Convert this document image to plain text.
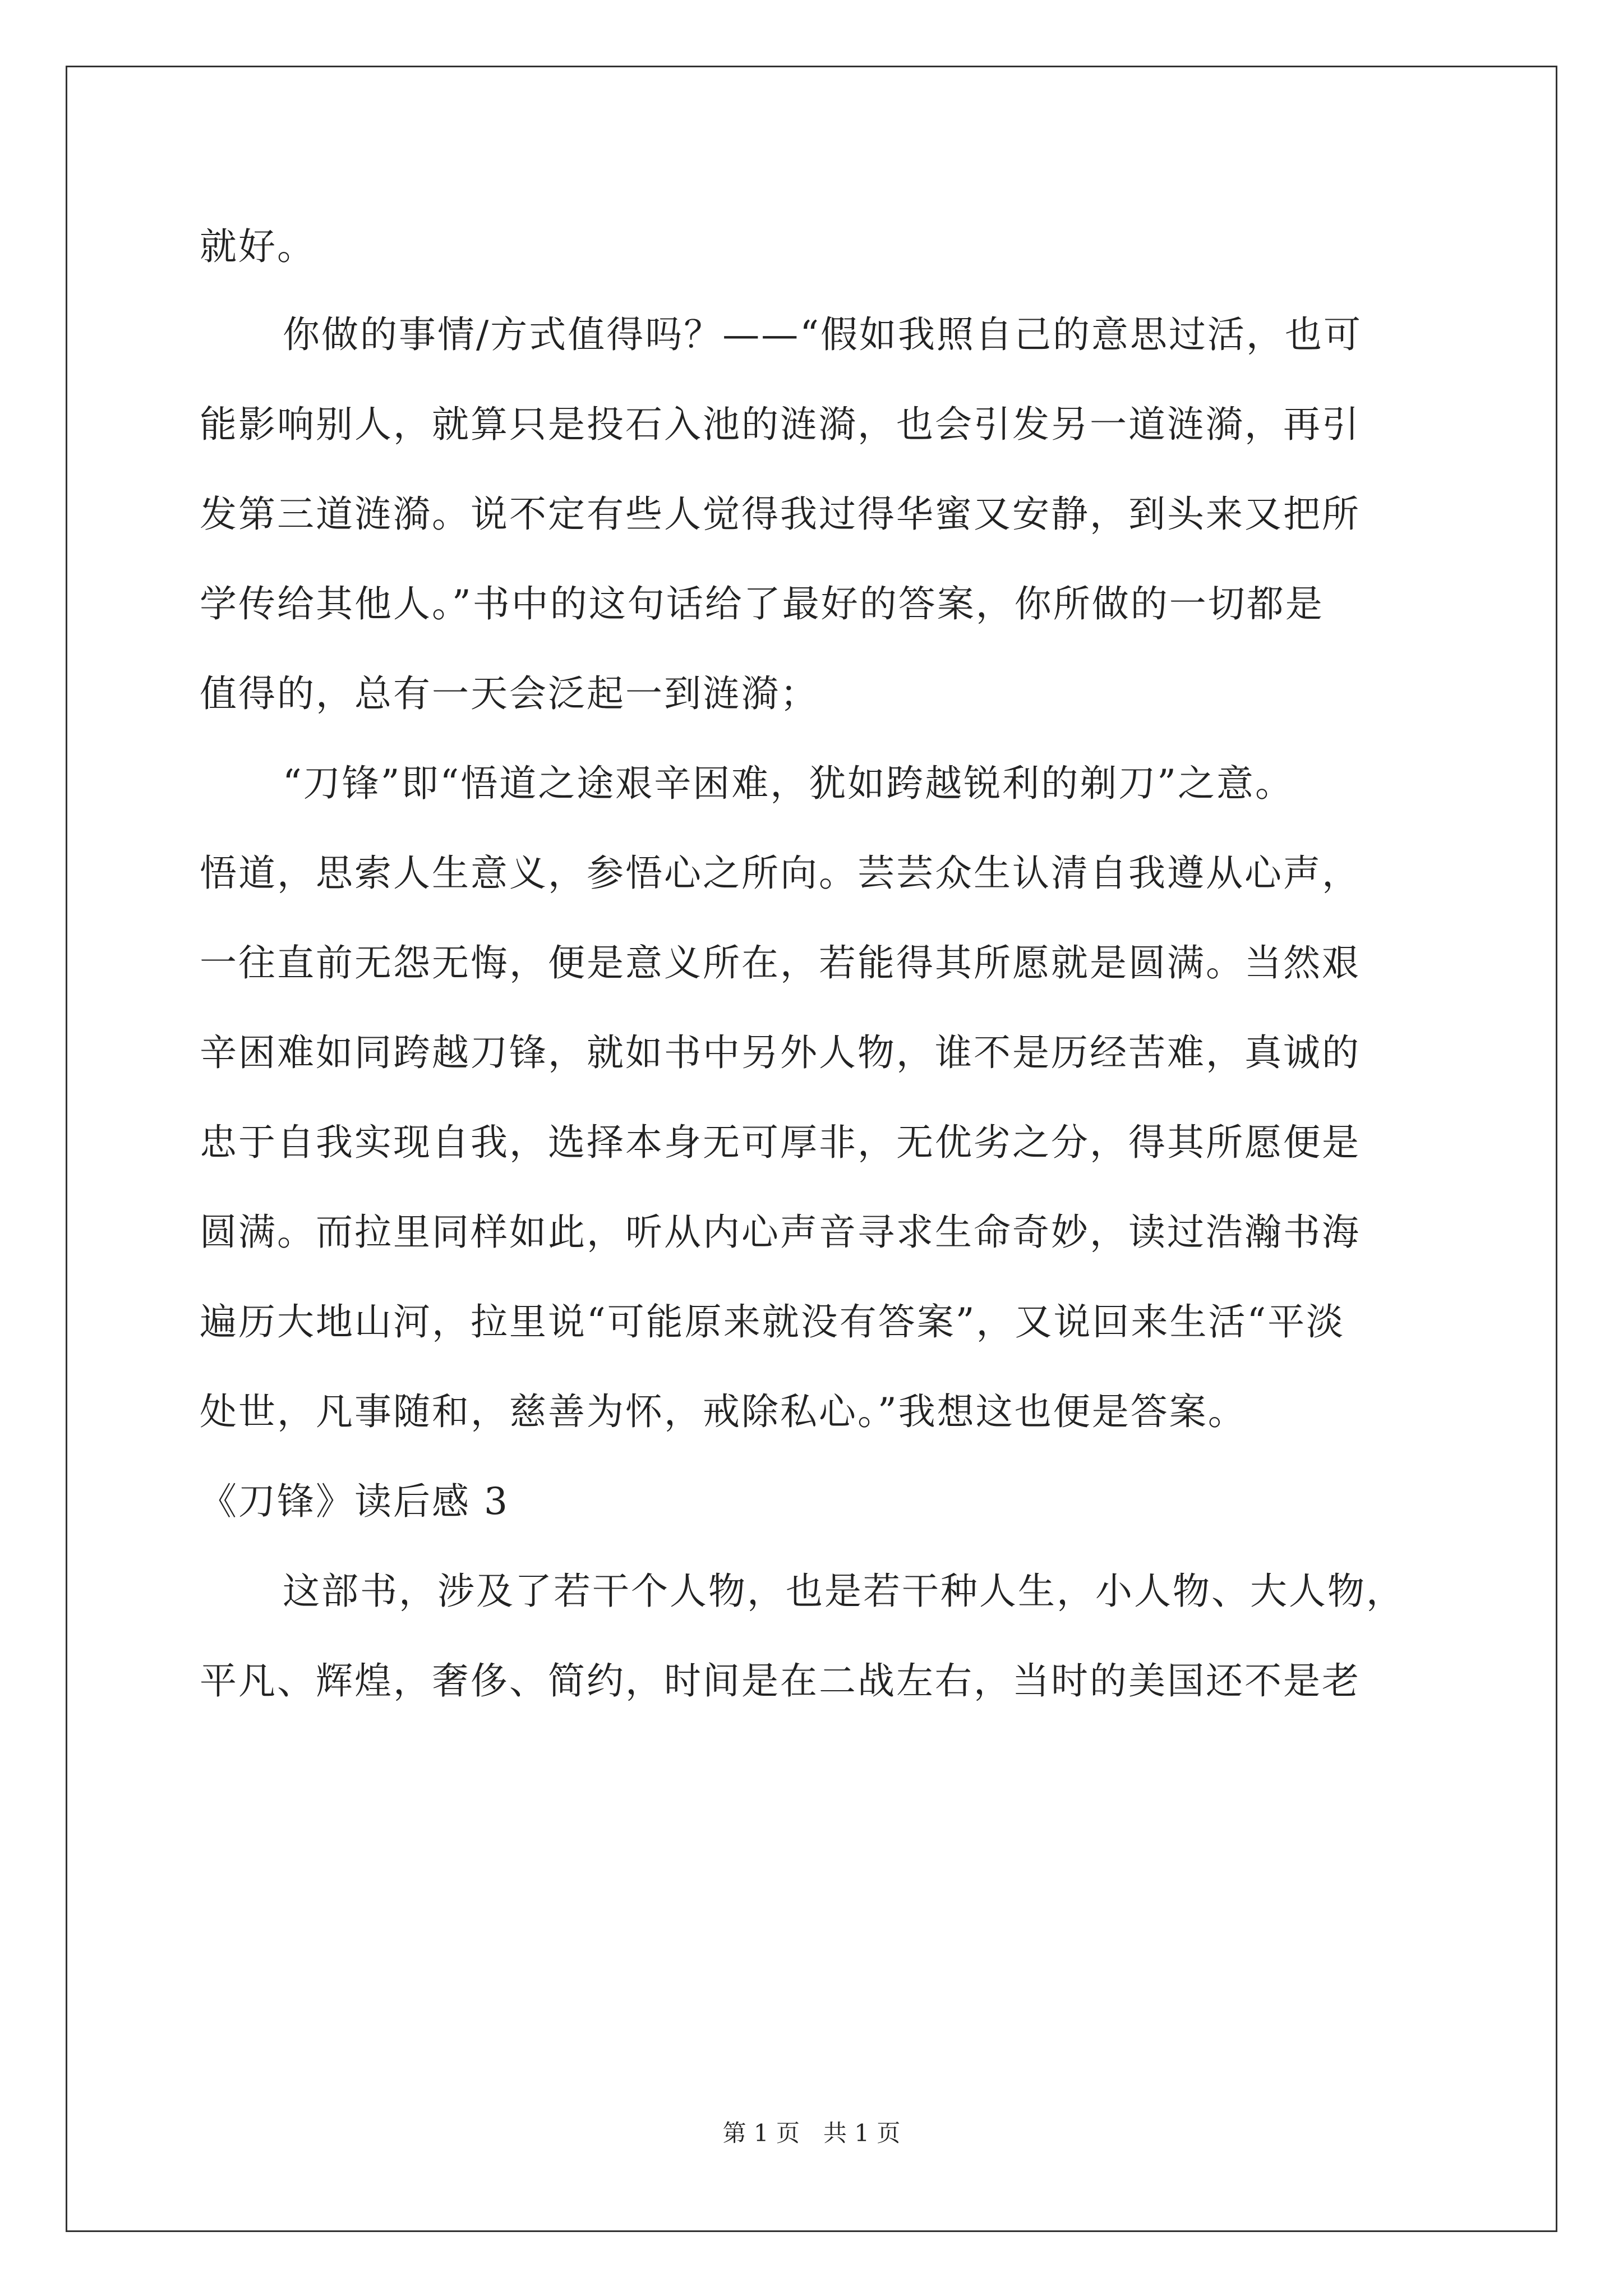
就好。
你做的事情/方式值得吗？——“假如我照自己的意思过活，也可
能影响别人，就算只是投石入池的涟漪，也会引发另一道涟漪，再引
发第三道涟漪。说不定有些人觉得我过得华蜜又安静，到头来又把所
学传给其他人。”书中的这句话给了最好的答案，你所做的一切都是
值得的，总有一天会泛起一到涟漪；
“刀锋”即“悟道之途艰辛困难，犹如跨越锐利的剃刀”之意。
悟道，思索人生意义，参悟心之所向。芸芸众生认清自我遵从心声，
一往直前无怨无悔，便是意义所在，若能得其所愿就是圆满。当然艰
辛困难如同跨越刀锋，就如书中另外人物，谁不是历经苦难，真诚的
忠于自我实现自我，选择本身无可厚非，无优劣之分，得其所愿便是
圆满。而拉里同样如此，听从内心声音寻求生命奇妙，读过浩瀚书海
遍历大地山河，拉里说“可能原来就没有答案”，又说回来生活“平淡
处世，凡事随和，慈善为怀，戒除私心。”我想这也便是答案。
《刀锋》读后感 3
这部书，涉及了若干个人物，也是若干种人生，小人物、大人物，
平凡、辉煌，奢侈、简约，时间是在二战左右，当时的美国还不是老
第 1 页　共 1 页
